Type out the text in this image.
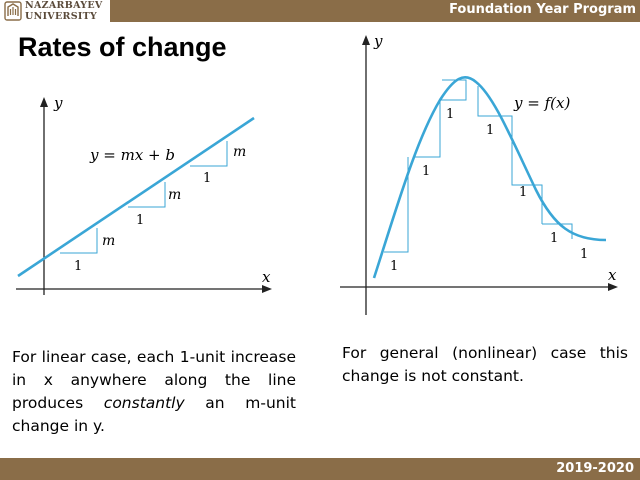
NAZARBAYEV
UNIVERSITY	Foundation Year Program
Rates of change
x
y
1
m
1
m
1
m
y = mx + b
x
y
1
1
1
1
1
1
1
y = f(x)

For linear case, each 1-unit increase in x anywhere along the line produces constantly an m-unit change in y.

For general (nonlinear) case this change is not constant.

2019-2020
